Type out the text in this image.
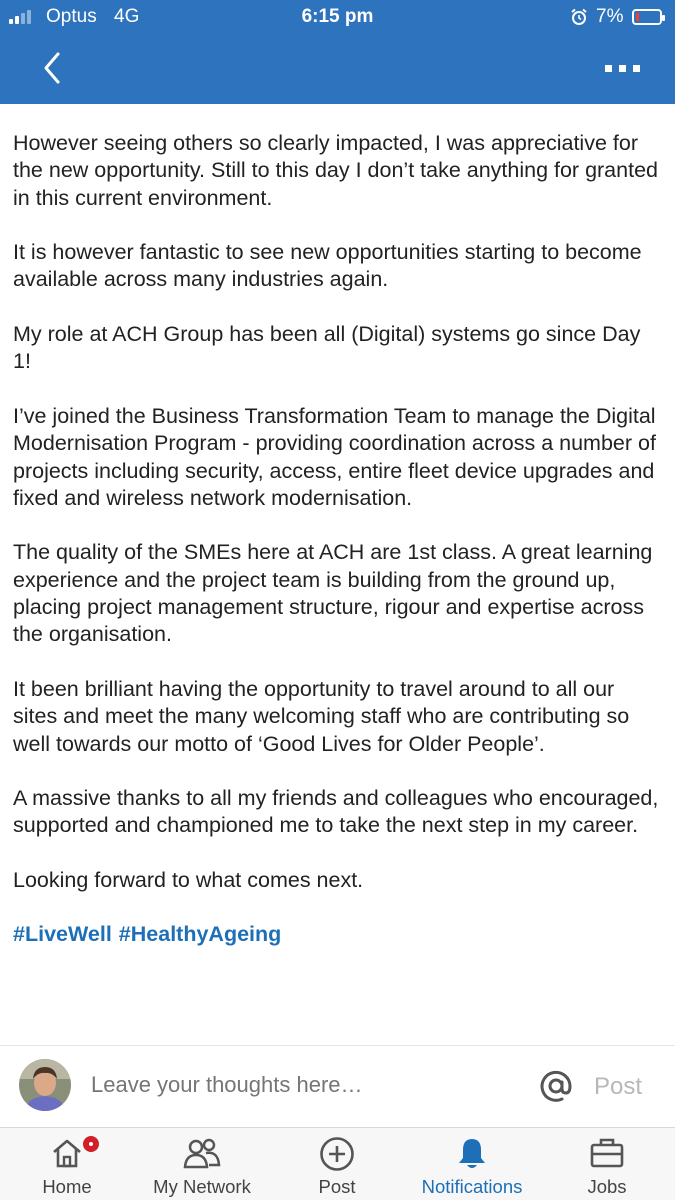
Optus 4G	6:15 pm	7%

However seeing others so clearly impacted, I was appreciative for the new opportunity. Still to this day I don’t take anything for granted in this current environment.

It is however fantastic to see new opportunities starting to become available across many industries again.

My role at ACH Group has been all (Digital) systems go since Day 1!

I’ve joined the Business Transformation Team to manage the Digital Modernisation Program - providing coordination across a number of projects including security, access, entire fleet device upgrades and fixed and wireless network modernisation.

The quality of the SMEs here at ACH are 1st class. A great learning experience and the project team is building from the ground up, placing project management structure, rigour and expertise across the organisation.

It been brilliant having the opportunity to travel around to all our sites and meet the many welcoming staff who are contributing so well towards our motto of ‘Good Lives for Older People’.

A massive thanks to all my friends and colleagues who encouraged, supported and championed me to take the next step in my career.

Looking forward to what comes next.

#LiveWell #HealthyAgeing
Leave your thoughts here…
Post
Home	My Network	Post	Notifications	Jobs
